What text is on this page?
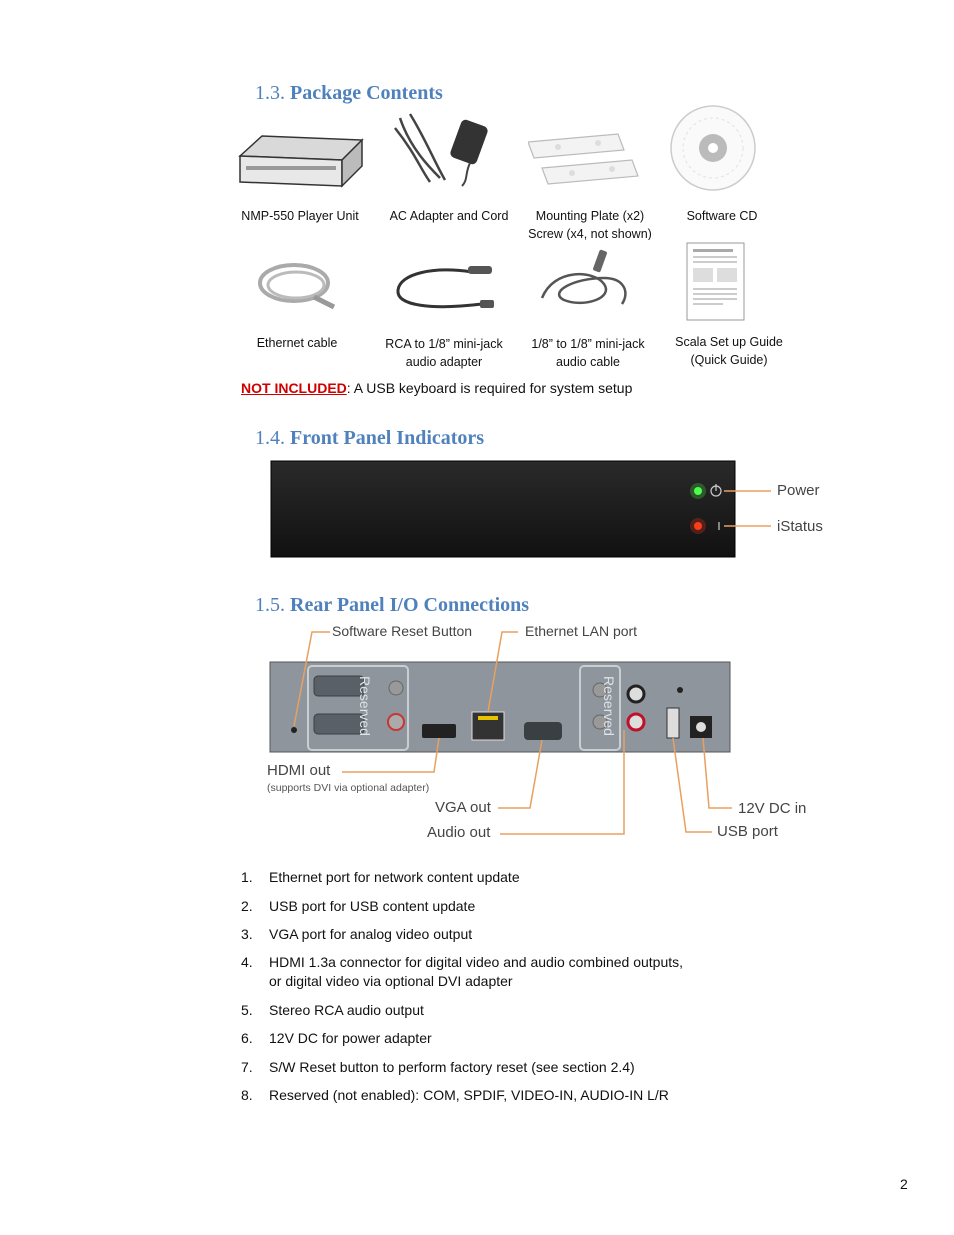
1.3. Package Contents
NMP-550 Player Unit	AC Adapter and Cord	Mounting Plate (x2)
Screw (x4, not shown)
Software CD
Ethernet cable	RCA to 1/8” mini-jack
audio adapter
1/8” to 1/8” mini-jack
audio cable
Scala Set up Guide
(Quick Guide)
NOT INCLUDED: A USB keyboard is required for system setup
1.4. Front Panel Indicators
Power
iStatus
1.5. Rear Panel I/O Connections
Software Reset Button	Ethernet LAN port
HDMI out
(supports DVI via optional adapter)
VGA out
Audio out
12V DC in
USB port
Reserved	Reserved
1.	Ethernet port for network content update
2.	USB port for USB content update
3.	VGA port for analog video output
4.	HDMI 1.3a connector for digital video and audio combined outputs,
or digital video via optional DVI adapter
5.	Stereo RCA audio output
6.	12V DC for power adapter
7.	S/W Reset button to perform factory reset (see section 2.4)
8.	Reserved (not enabled): COM, SPDIF, VIDEO-IN, AUDIO-IN L/R
2
